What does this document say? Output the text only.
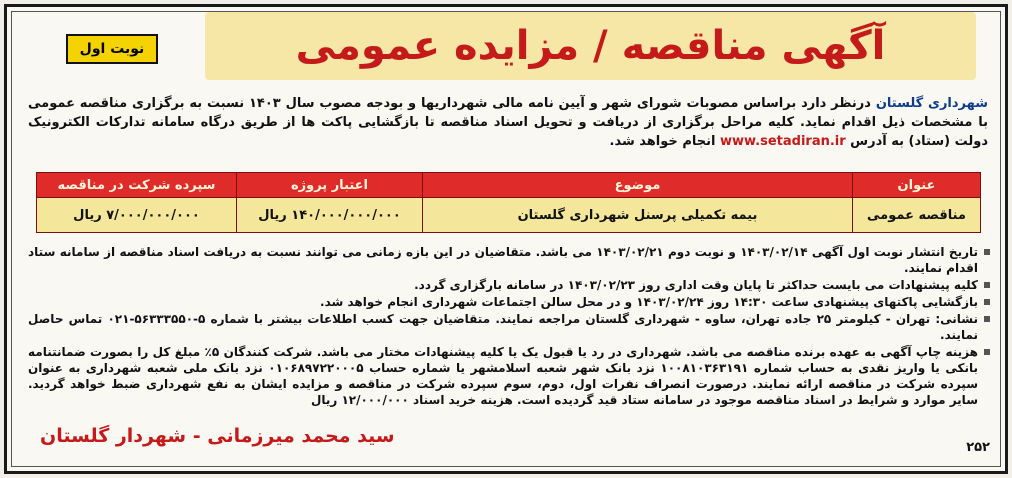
آگهی مناقصه / مزایده عمومی
نوبت اول
شهرداری گلستان درنظر دارد براساس مصوبات شورای شهر و آیین نامه مالی شهرداریها و بودجه مصوب سال ۱۴۰۳ نسبت به برگزاری مناقصه عمومی با مشخصات ذیل اقدام نماید. کلیه مراحل برگزاری از دریافت و تحویل اسناد مناقصه تا بازگشایی پاکت ها از طریق درگاه سامانه تدارکات الکترونیک دولت (ستاد) به آدرس www.setadiran.ir انجام خواهد شد.
عنوان	موضوع	اعتبار پروژه	سپرده شرکت در مناقصه
مناقصه عمومی	بیمه تکمیلی پرسنل شهرداری گلستان	۱۴۰/۰۰۰/۰۰۰/۰۰۰ ریال	۷/۰۰۰/۰۰۰/۰۰۰ ریال
تاریخ انتشار نوبت اول آگهی ۱۴۰۳/۰۲/۱۴ و نوبت دوم ۱۴۰۳/۰۲/۲۱ می باشد. متقاضیان در این بازه زمانی می توانند نسبت به دریافت اسناد مناقصه از سامانه ستاد اقدام نمایند.
کلیه پیشنهادات می بایست حداکثر تا پایان وقت اداری روز ۱۴۰۳/۰۲/۲۳ در سامانه بارگزاری گردد.
بازگشایی پاکتهای پیشنهادی ساعت ۱۴:۳۰ روز ۱۴۰۳/۰۲/۲۴ و در محل سالن اجتماعات شهرداری انجام خواهد شد.
نشانی: تهران - کیلومتر ۲۵ جاده تهران، ساوه - شهرداری گلستان مراجعه نمایند. متقاضیان جهت کسب اطلاعات بیشتر با شماره ۵-۵۶۳۳۳۵۵۰-۰۲۱ تماس حاصل نمایند.
هزینه چاپ آگهی به عهده برنده مناقصه می باشد. شهرداری در رد یا قبول یک یا کلیه پیشنهادات مختار می باشد. شرکت کنندگان ۵٪ مبلغ کل را بصورت ضمانتنامه بانکی یا واریز نقدی به حساب شماره ۱۰۰۸۱۰۳۶۳۱۹۱ نزد بانک شهر شعبه اسلامشهر یا شماره حساب ۰۱۰۶۸۹۷۲۲۰۰۰۵ نزد بانک ملی شعبه شهرداری به عنوان سپرده شرکت در مناقصه ارائه نمایند. درصورت انصراف نفرات اول، دوم، سوم سپرده شرکت در مناقصه و مزایده ایشان به نفع شهرداری ضبط خواهد گردید. سایر موارد و شرایط در اسناد مناقصه موجود در سامانه ستاد قید گردیده است. هزینه خرید اسناد ۱۲/۰۰۰/۰۰۰ ریال
سید محمد میرزمانی - شهردار گلستان
۲۵۲
